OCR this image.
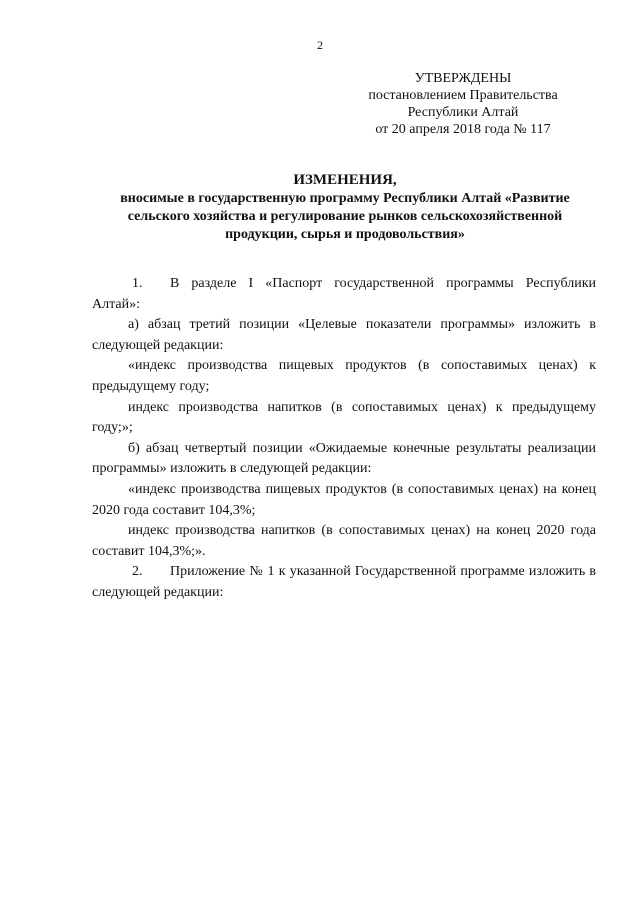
2
УТВЕРЖДЕНЫ
постановлением Правительства
Республики Алтай
от 20 апреля 2018 года № 117
ИЗМЕНЕНИЯ,
вносимые в государственную программу Республики Алтай «Развитие
сельского хозяйства и регулирование рынков сельскохозяйственной
продукции, сырья и продовольствия»

1. В разделе I «Паспорт государственной программы Республики Алтай»:

а) абзац третий позиции «Целевые показатели программы» изложить в следующей редакции:

«индекс производства пищевых продуктов (в сопоставимых ценах) к предыдущему году;

индекс производства напитков (в сопоставимых ценах) к предыдущему году;»;

б) абзац четвертый позиции «Ожидаемые конечные результаты реализации программы» изложить в следующей редакции:

«индекс производства пищевых продуктов (в сопоставимых ценах) на конец 2020 года составит 104,3%;

индекс производства напитков (в сопоставимых ценах) на конец 2020 года составит 104,3%;».

2. Приложение № 1 к указанной Государственной программе изложить в следующей редакции:
